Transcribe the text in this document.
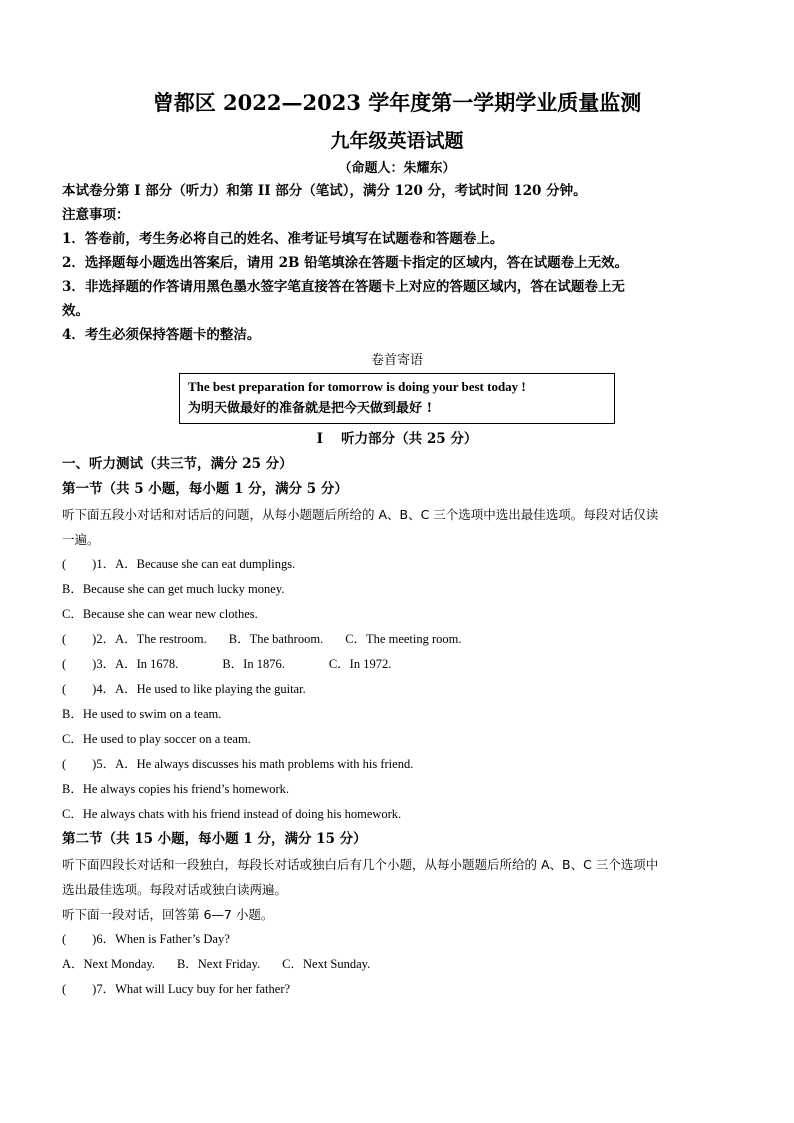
曾都区 2022—2023 学年度第一学期学业质量监测

九年级英语试题

（命题人：朱耀东）

本试卷分第 I 部分（听力）和第 II 部分（笔试），满分 120 分，考试时间 120 分钟。

注意事项：

1．答卷前，考生务必将自己的姓名、准考证号填写在试题卷和答题卷上。

2．选择题每小题选出答案后，请用 2B 铅笔填涂在答题卡指定的区域内，答在试题卷上无效。

3．非选择题的作答请用黑色墨水签字笔直接答在答题卡上对应的答题区域内，答在试题卷上无

效。

4．考生必须保持答题卡的整洁。

卷首寄语

The best preparation for tomorrow is doing your best today !

为明天做最好的准备就是把今天做到最好 !

I　 听力部分（共 25 分）

一、听力测试（共三节，满分 25 分）

第一节（共 5 小题，每小题 1 分，满分 5 分）

听下面五段小对话和对话后的问题，从每小题题后所给的 A、B、C 三个选项中选出最佳选项。每段对话仅读

一遍。

( )1．A．Because she can eat dumplings.

B．Because she can get much lucky money.

C．Because she can wear new clothes.

( )2．A．The restroom. B．The bathroom. C．The meeting room.

( )3．A．In 1678.	B．In 1876.	C．In 1972.

( )4．A．He used to like playing the guitar.

B．He used to swim on a team.

C．He used to play soccer on a team.

( )5．A．He always discusses his math problems with his friend.

B．He always copies his friend’s homework.

C．He always chats with his friend instead of doing his homework.

第二节（共 15 小题，每小题 1 分，满分 15 分）

听下面四段长对话和一段独白，每段长对话或独白后有几个小题，从每小题题后所给的 A、B、C 三个选项中

选出最佳选项。每段对话或独白读两遍。

听下面一段对话，回答第 6—7 小题。

( )6．When is Father’s Day?

A．Next Monday. B．Next Friday. C．Next Sunday.

( )7．What will Lucy buy for her father?
